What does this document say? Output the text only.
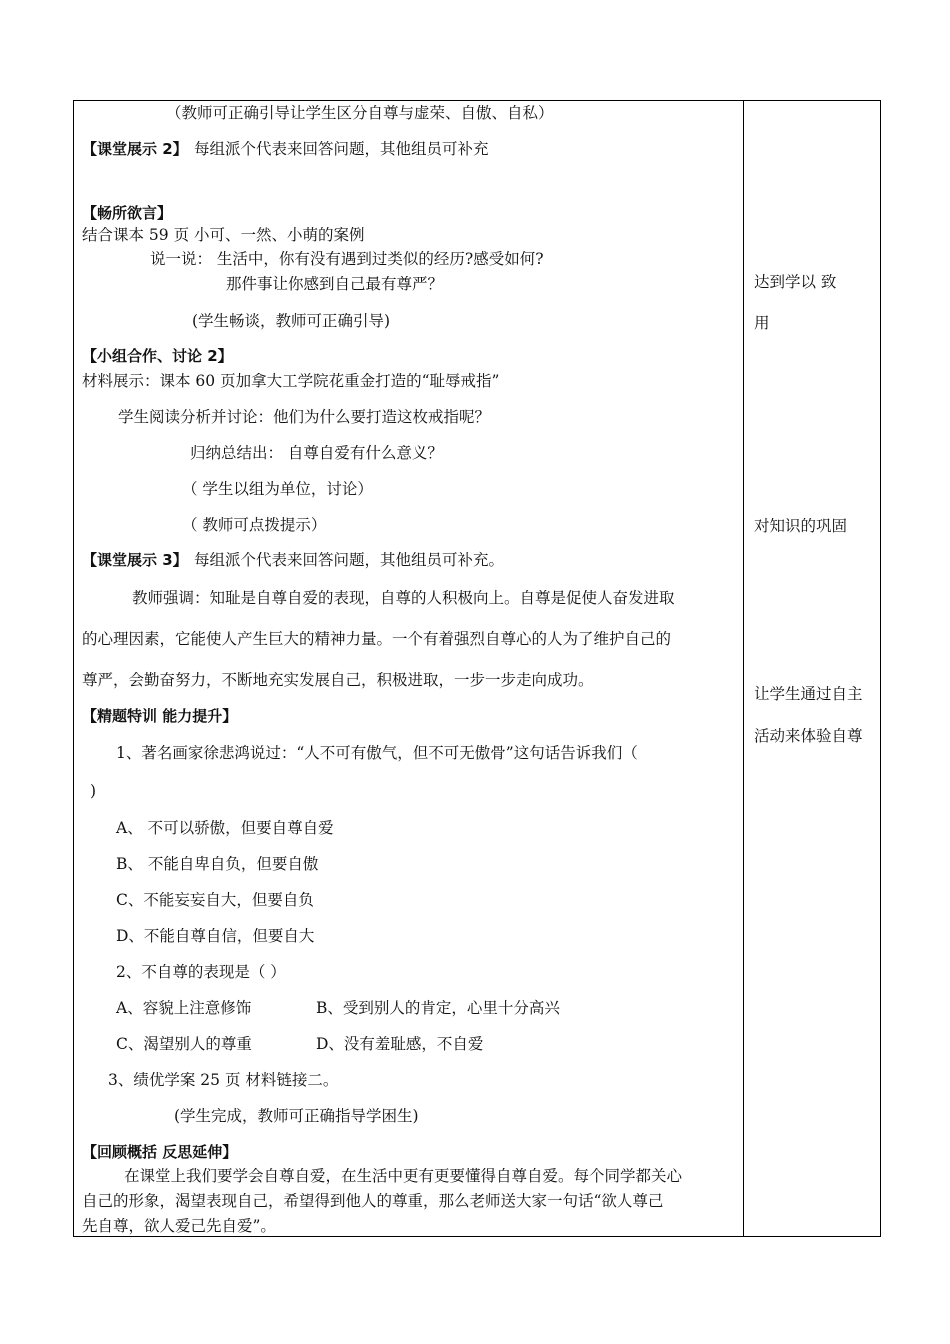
（教师可正确引导让学生区分自尊与虚荣、自傲、自私）
【课堂展示 2】 每组派个代表来回答问题，其他组员可补充
【畅所欲言】
结合课本 59 页 小可、一然、小萌的案例
说一说： 生活中，你有没有遇到过类似的经历?感受如何?
那件事让你感到自己最有尊严？
(学生畅谈，教师可正确引导)
【小组合作、讨论 2】
材料展示：课本 60 页加拿大工学院花重金打造的“耻辱戒指”
学生阅读分析并讨论：他们为什么要打造这枚戒指呢？
归纳总结出： 自尊自爱有什么意义？
（ 学生以组为单位，讨论）
（ 教师可点拨提示）
【课堂展示 3】 每组派个代表来回答问题，其他组员可补充。
教师强调：知耻是自尊自爱的表现，自尊的人积极向上。自尊是促使人奋发进取
的心理因素，它能使人产生巨大的精神力量。一个有着强烈自尊心的人为了维护自己的
尊严，会勤奋努力，不断地充实发展自己，积极进取，一步一步走向成功。
【精题特训 能力提升】
1、著名画家徐悲鸿说过：“人不可有傲气，但不可无傲骨”这句话告诉我们（
)
A、 不可以骄傲，但要自尊自爱
B、 不能自卑自负，但要自傲
C、不能妄妄自大，但要自负
D、不能自尊自信，但要自大
2、不自尊的表现是（ ）
A、容貌上注意修饰	B、受到别人的肯定，心里十分高兴
C、渴望别人的尊重	D、没有羞耻感，不自爱
3、绩优学案 25 页 材料链接二。
(学生完成，教师可正确指导学困生)
【回顾概括 反思延伸】
在课堂上我们要学会自尊自爱，在生活中更有更要懂得自尊自爱。每个同学都关心
自己的形象，渴望表现自己，希望得到他人的尊重，那么老师送大家一句话“欲人尊己
先自尊，欲人爱己先自爱”。
达到学以 致
用
对知识的巩固
让学生通过自主
活动来体验自尊
